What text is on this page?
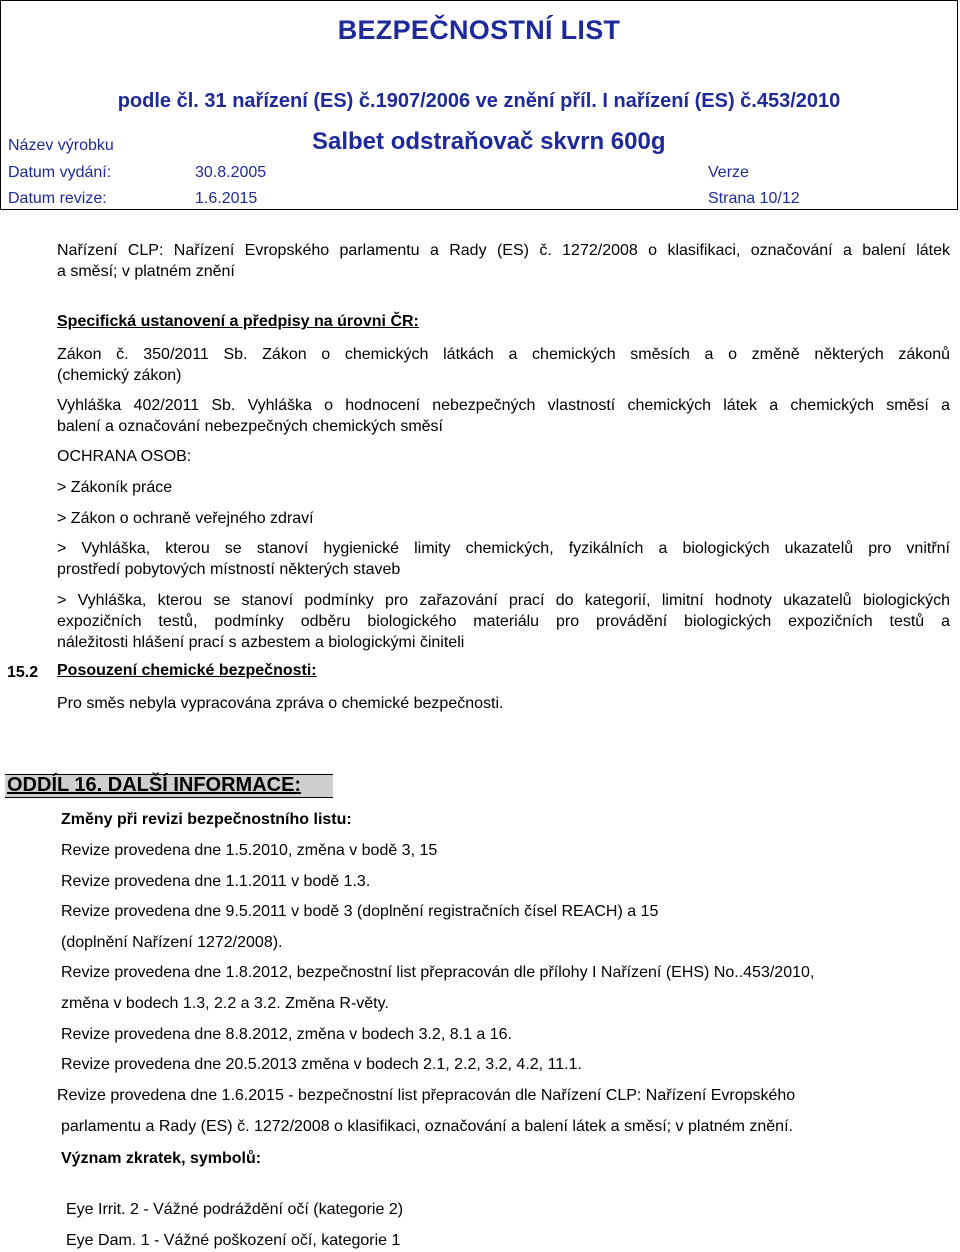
BEZPEČNOSTNÍ LIST
podle čl. 31 nařízení (ES) č.1907/2006 ve znění příl. I nařízení (ES) č.453/2010
Název výrobku	Salbet odstraňovač skvrn 600g
Datum vydání:	30.8.2005	Verze
Datum revize:	1.6.2015	Strana 10/12
Nařízení CLP: Nařízení Evropského parlamentu a Rady (ES) č. 1272/2008 o klasifikaci, označování a balení látek
a směsí; v platném znění
Specifická ustanovení a předpisy na úrovni ČR:
Zákon č. 350/2011 Sb. Zákon o chemických látkách a chemických směsích a o změně některých zákonů
(chemický zákon)
Vyhláška 402/2011 Sb. Vyhláška o hodnocení nebezpečných vlastností chemických látek a chemických směsí a
balení a označování nebezpečných chemických směsí
OCHRANA OSOB:
> Zákoník práce
> Zákon o ochraně veřejného zdraví
> Vyhláška, kterou se stanoví hygienické limity chemických, fyzikálních a biologických ukazatelů pro vnitřní
prostředí pobytových místností některých staveb
> Vyhláška, kterou se stanoví podmínky pro zařazování prací do kategorií, limitní hodnoty ukazatelů biologických
expozičních testů, podmínky odběru biologického materiálu pro provádění biologických expozičních testů a
náležitosti hlášení prací s azbestem a biologickými činiteli
15.2 Posouzení chemické bezpečnosti:
Pro směs nebyla vypracována zpráva o chemické bezpečnosti.
ODDÍL 16. DALŠÍ INFORMACE:
Změny při revizi bezpečnostního listu:
Revize provedena dne 1.5.2010, změna v bodě 3, 15
Revize provedena dne 1.1.2011 v bodě 1.3.
Revize provedena dne 9.5.2011 v bodě 3 (doplnění registračních čísel REACH) a 15
(doplnění Nařízení 1272/2008).
Revize provedena dne 1.8.2012, bezpečnostní list přepracován dle přílohy I Nařízení (EHS) No..453/2010,
změna v bodech 1.3, 2.2 a 3.2. Změna R-věty.
Revize provedena dne 8.8.2012, změna v bodech 3.2, 8.1 a 16.
Revize provedena dne 20.5.2013 změna v bodech 2.1, 2.2, 3.2, 4.2, 11.1.
Revize provedena dne 1.6.2015 - bezpečnostní list přepracován dle Nařízení CLP: Nařízení Evropského
parlamentu a Rady (ES) č. 1272/2008 o klasifikaci, označování a balení látek a směsí; v platném znění.
Význam zkratek, symbolů:
Eye Irrit. 2 - Vážné podráždění očí (kategorie 2)
Eye Dam. 1 - Vážné poškození očí, kategorie 1
